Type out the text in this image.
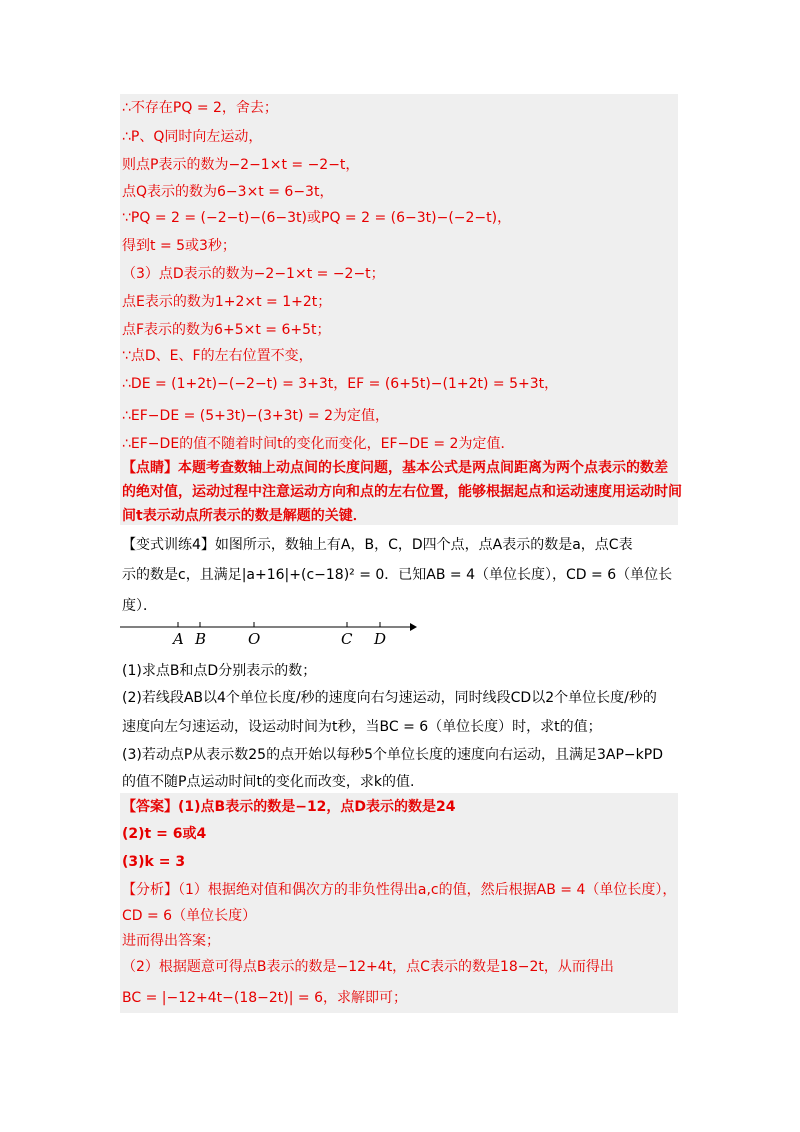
∴不存在PQ = 2，舍去；
∴P、Q同时向左运动，
则点P表示的数为−2−1×t = −2−t，
点Q表示的数为6−3×t = 6−3t，
∵PQ = 2 = (−2−t)−(6−3t)或PQ = 2 = (6−3t)−(−2−t)，
得到t = 5或3秒；
（3）点D表示的数为−2−1×t = −2−t；
点E表示的数为1+2×t = 1+2t；
点F表示的数为6+5×t = 6+5t；
∵点D、E、F的左右位置不变，
∴DE = (1+2t)−(−2−t) = 3+3t，EF = (6+5t)−(1+2t) = 5+3t，
∴EF−DE = (5+3t)−(3+3t) = 2为定值，
∴EF−DE的值不随着时间t的变化而变化，EF−DE = 2为定值．
【点睛】本题考查数轴上动点间的长度问题，基本公式是两点间距离为两个点表示的数差
的绝对值，运动过程中注意运动方向和点的左右位置，能够根据起点和运动速度用运动时间
间t表示动点所表示的数是解题的关键．
【变式训练4】如图所示，数轴上有A，B，C，D四个点，点A表示的数是a，点C表
示的数是c，且满足|a+16|+(c−18)² = 0．已知AB = 4（单位长度），CD = 6（单位长
度）．
A B	O	C D
(1)求点B和点D分别表示的数；
(2)若线段AB以4个单位长度/秒的速度向右匀速运动，同时线段CD以2个单位长度/秒的
速度向左匀速运动，设运动时间为t秒，当BC = 6（单位长度）时，求t的值；
(3)若动点P从表示数25的点开始以每秒5个单位长度的速度向右运动，且满足3AP−kPD
的值不随P点运动时间t的变化而改变，求k的值.
【答案】(1)点B表示的数是−12，点D表示的数是24
(2)t = 6或4
(3)k = 3
【分析】（1）根据绝对值和偶次方的非负性得出a,c的值，然后根据AB = 4（单位长度），
CD = 6（单位长度）
进而得出答案；
（2）根据题意可得点B表示的数是−12+4t，点C表示的数是18−2t，从而得出
BC = |−12+4t−(18−2t)| = 6，求解即可；
